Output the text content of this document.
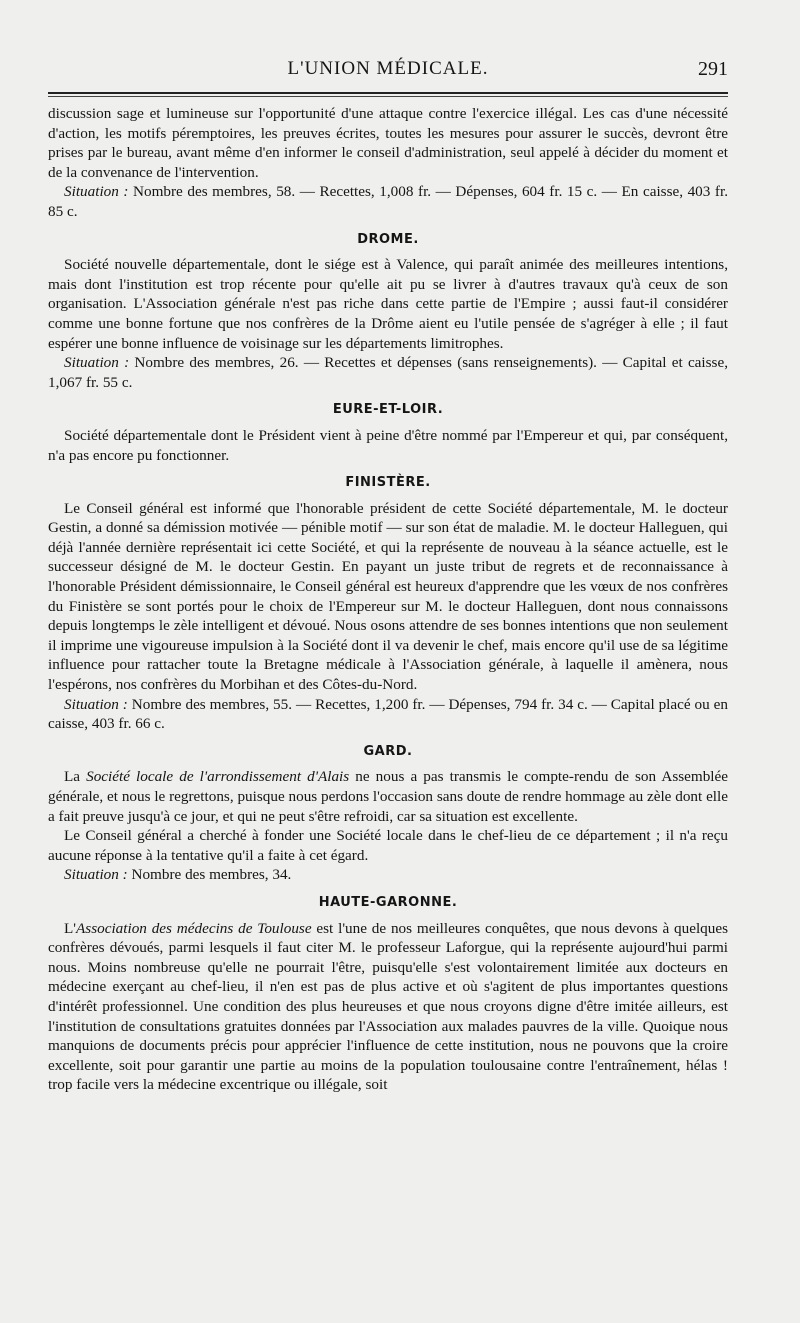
L'UNION MÉDICALE.	291

discussion sage et lumineuse sur l'opportunité d'une attaque contre l'exercice illégal. Les cas d'une nécessité d'action, les motifs péremptoires, les preuves écrites, toutes les mesures pour assurer le succès, devront être prises par le bureau, avant même d'en informer le conseil d'administration, seul appelé à décider du moment et de la convenance de l'intervention.

Situation : Nombre des membres, 58. — Recettes, 1,008 fr. — Dépenses, 604 fr. 15 c. — En caisse, 403 fr. 85 c.

DROME.

Société nouvelle départementale, dont le siége est à Valence, qui paraît animée des meilleures intentions, mais dont l'institution est trop récente pour qu'elle ait pu se livrer à d'autres travaux qu'à ceux de son organisation. L'Association générale n'est pas riche dans cette partie de l'Empire ; aussi faut-il considérer comme une bonne fortune que nos confrères de la Drôme aient eu l'utile pensée de s'agréger à elle ; il faut espérer une bonne influence de voisinage sur les départements limitrophes.

Situation : Nombre des membres, 26. — Recettes et dépenses (sans renseignements). — Capital et caisse, 1,067 fr. 55 c.

EURE-ET-LOIR.

Société départementale dont le Président vient à peine d'être nommé par l'Empereur et qui, par conséquent, n'a pas encore pu fonctionner.

FINISTÈRE.

Le Conseil général est informé que l'honorable président de cette Société départementale, M. le docteur Gestin, a donné sa démission motivée — pénible motif — sur son état de maladie. M. le docteur Halleguen, qui déjà l'année dernière représentait ici cette Société, et qui la représente de nouveau à la séance actuelle, est le successeur désigné de M. le docteur Gestin. En payant un juste tribut de regrets et de reconnaissance à l'honorable Président démissionnaire, le Conseil général est heureux d'apprendre que les vœux de nos confrères du Finistère se sont portés pour le choix de l'Empereur sur M. le docteur Halleguen, dont nous connaissons depuis longtemps le zèle intelligent et dévoué. Nous osons attendre de ses bonnes intentions que non seulement il imprime une vigoureuse impulsion à la Société dont il va devenir le chef, mais encore qu'il use de sa légitime influence pour rattacher toute la Bretagne médicale à l'Association générale, à laquelle il amènera, nous l'espérons, nos confrères du Morbihan et des Côtes-du-Nord.

Situation : Nombre des membres, 55. — Recettes, 1,200 fr. — Dépenses, 794 fr. 34 c. — Capital placé ou en caisse, 403 fr. 66 c.

GARD.

La Société locale de l'arrondissement d'Alais ne nous a pas transmis le compte-rendu de son Assemblée générale, et nous le regrettons, puisque nous perdons l'occasion sans doute de rendre hommage au zèle dont elle a fait preuve jusqu'à ce jour, et qui ne peut s'être refroidi, car sa situation est excellente.

Le Conseil général a cherché à fonder une Société locale dans le chef-lieu de ce département ; il n'a reçu aucune réponse à la tentative qu'il a faite à cet égard.

Situation : Nombre des membres, 34.

HAUTE-GARONNE.

L'Association des médecins de Toulouse est l'une de nos meilleures conquêtes, que nous devons à quelques confrères dévoués, parmi lesquels il faut citer M. le professeur Laforgue, qui la représente aujourd'hui parmi nous. Moins nombreuse qu'elle ne pourrait l'être, puisqu'elle s'est volontairement limitée aux docteurs en médecine exerçant au chef-lieu, il n'en est pas de plus active et où s'agitent de plus importantes questions d'intérêt professionnel. Une condition des plus heureuses et que nous croyons digne d'être imitée ailleurs, est l'institution de consultations gratuites données par l'Association aux malades pauvres de la ville. Quoique nous manquions de documents précis pour apprécier l'influence de cette institution, nous ne pouvons que la croire excellente, soit pour garantir une partie au moins de la population toulousaine contre l'entraînement, hélas ! trop facile vers la médecine excentrique ou illégale, soit
